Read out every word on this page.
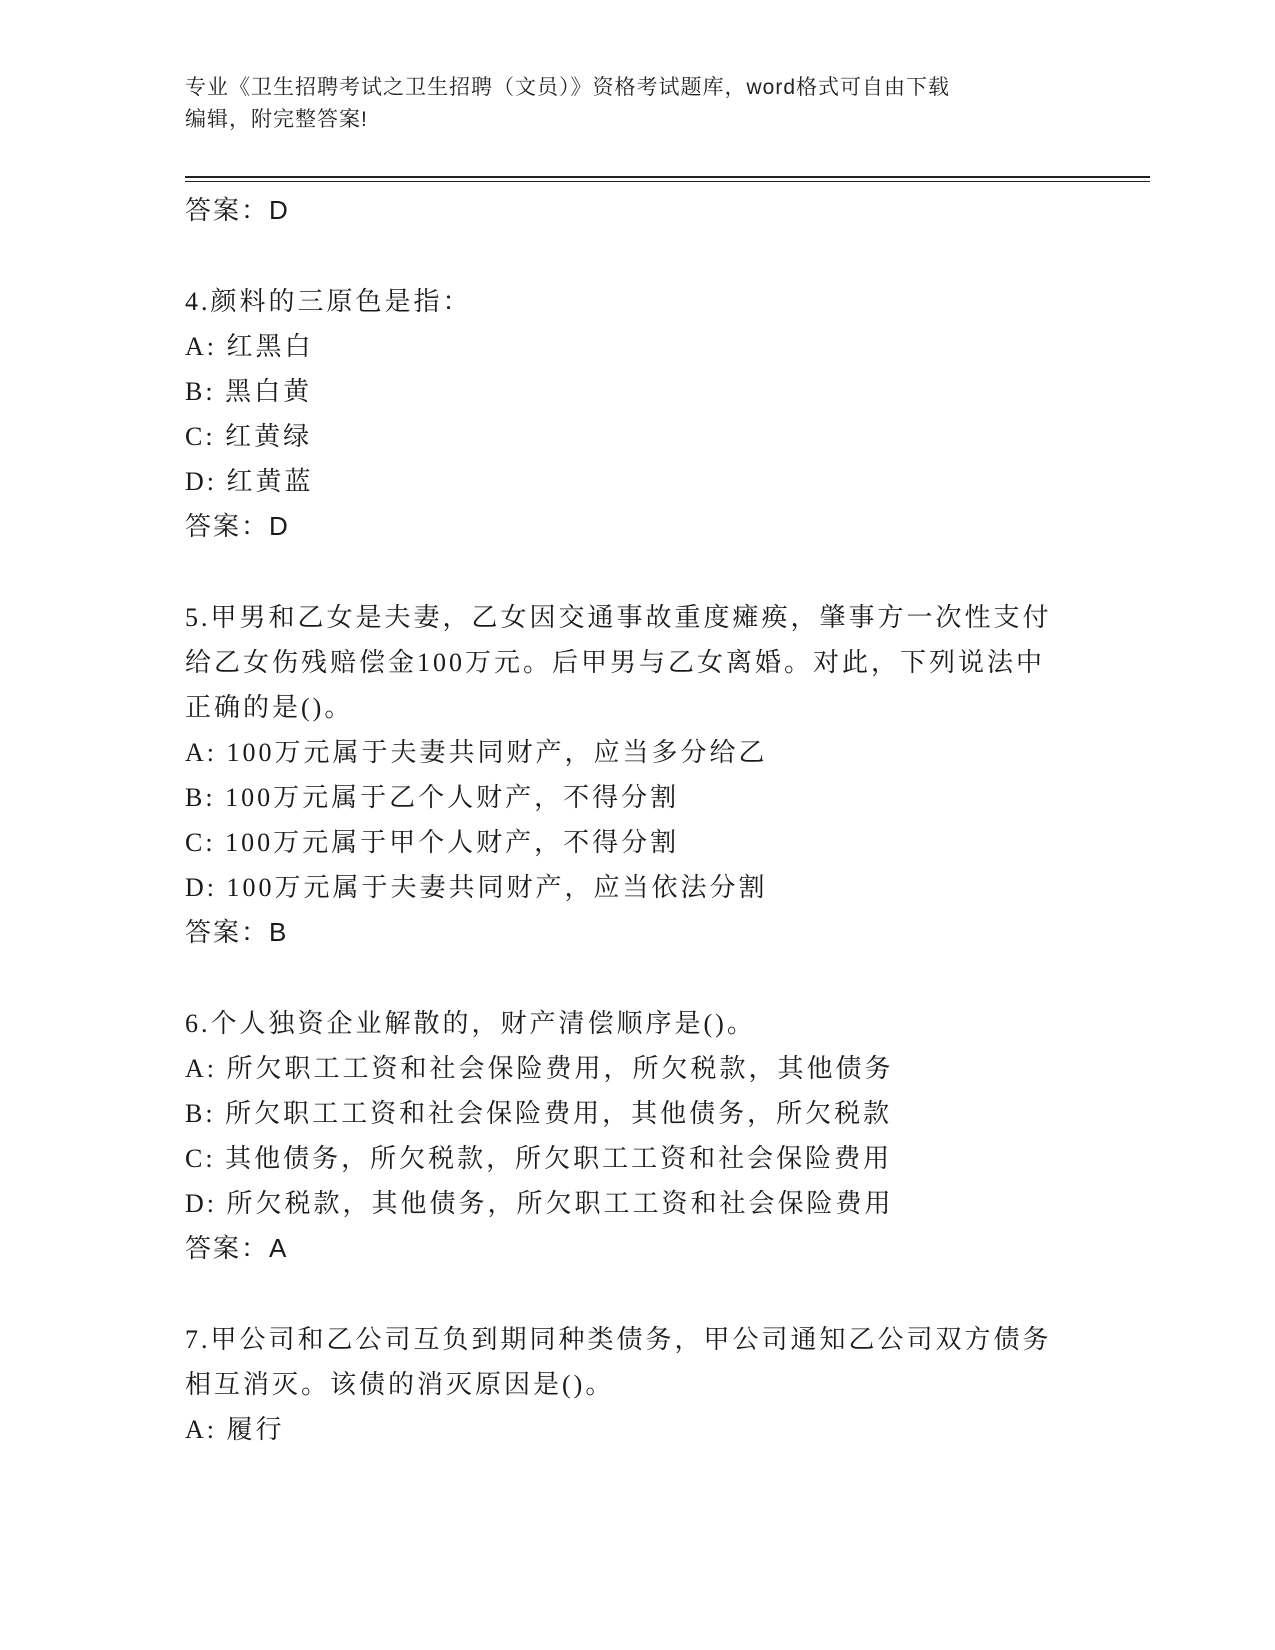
专业《卫生招聘考试之卫生招聘（文员）》资格考试题库，word格式可自由下载
编辑，附完整答案!
答案：D
4.颜料的三原色是指：
A: 红黑白
B: 黑白黄
C: 红黄绿
D: 红黄蓝
答案：D
5.甲男和乙女是夫妻，乙女因交通事故重度瘫痪，肇事方一次性支付
给乙女伤残赔偿金100万元。后甲男与乙女离婚。对此，下列说法中
正确的是()。
A: 100万元属于夫妻共同财产，应当多分给乙
B: 100万元属于乙个人财产，不得分割
C: 100万元属于甲个人财产，不得分割
D: 100万元属于夫妻共同财产，应当依法分割
答案：B
6.个人独资企业解散的，财产清偿顺序是()。
A: 所欠职工工资和社会保险费用，所欠税款，其他债务
B: 所欠职工工资和社会保险费用，其他债务，所欠税款
C: 其他债务，所欠税款，所欠职工工资和社会保险费用
D: 所欠税款，其他债务，所欠职工工资和社会保险费用
答案：A
7.甲公司和乙公司互负到期同种类债务，甲公司通知乙公司双方债务
相互消灭。该债的消灭原因是()。
A: 履行
